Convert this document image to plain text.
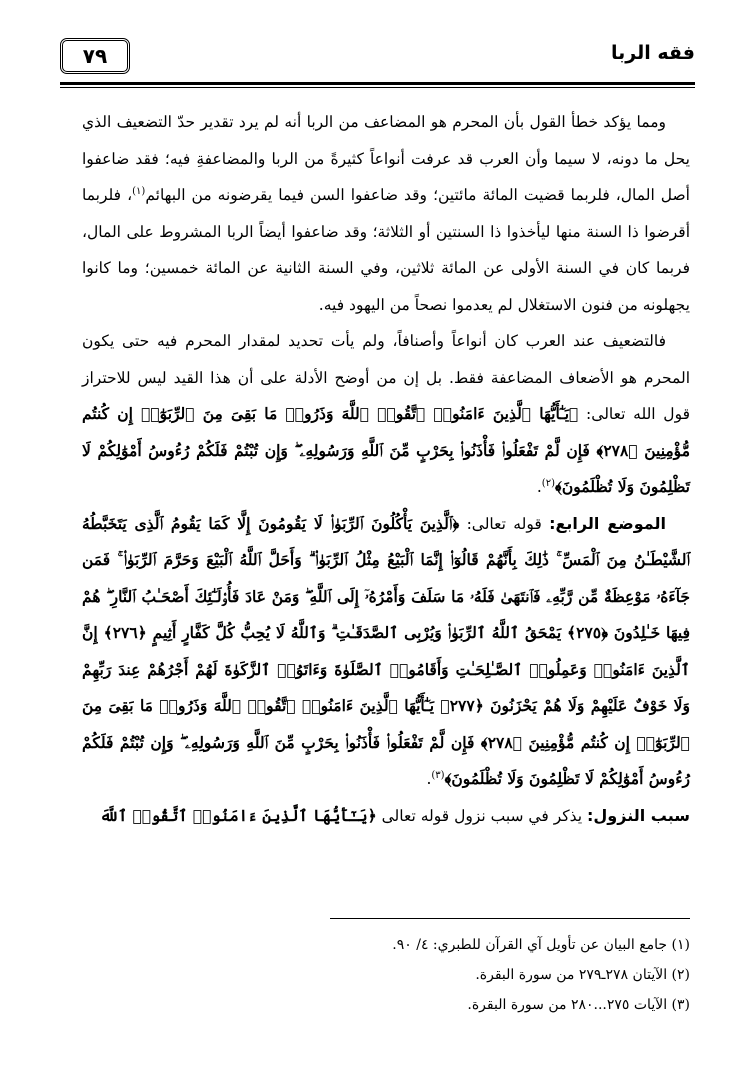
فقه الربا
٧٩

ومما يؤكد خطأ القول بأن المحرم هو المضاعف من الربا أنه لم يرد تقدير حدّ التضعيف الذي يحل ما دونه، لا سيما وأن العرب قد عرفت أنواعاً كثيرةً من الربا والمضاعفةِ فيه؛ فقد ضاعفوا أصل المال، فلربما قضيت المائة مائتين؛ وقد ضاعفوا السن فيما يقرضونه من البهائم$^{(١)}$، فلربما أقرضوا ذا السنة منها ليأخذوا ذا السنتين أو الثلاثة؛ وقد ضاعفوا أيضاً الربا المشروط على المال، فربما كان في السنة الأولى عن المائة ثلاثين، وفي السنة الثانية عن المائة خمسين؛ وما كانوا يجهلونه من فنون الاستغلال لم يعدموا نصحاً من اليهود فيه.

فالتضعيف عند العرب كان أنواعاً وأصنافاً، ولم يأت تحديد لمقدار المحرم فيه حتى يكون المحرم هو الأضعاف المضاعفة فقط. بل إن من أوضح الأدلة على أن هذا القيد ليس للاحتراز قول الله تعالى: ﴿يَـٰٓأَيُّهَا ٱلَّذِينَ ءَامَنُوا۟ ٱتَّقُوا۟ ٱللَّهَ وَذَرُوا۟ مَا بَقِىَ مِنَ ٱلرِّبَوٰٓا۟ إِن كُنتُم مُّؤْمِنِينَ ﴿٢٧٨﴾ فَإِن لَّمْ تَفْعَلُوا۟ فَأْذَنُوا۟ بِحَرْبٍ مِّنَ ٱللَّهِ وَرَسُولِهِۦ ۖ وَإِن تُبْتُمْ فَلَكُمْ رُءُوسُ أَمْوَٰلِكُمْ لَا تَظْلِمُونَ وَلَا تُظْلَمُونَ﴾$^{(٢)}$.

الموضع الرابع: قوله تعالى: ﴿ٱلَّذِينَ يَأْكُلُونَ ٱلرِّبَوٰا۟ لَا يَقُومُونَ إِلَّا كَمَا يَقُومُ ٱلَّذِى يَتَخَبَّطُهُ ٱلشَّيْطَـٰنُ مِنَ ٱلْمَسِّ ۚ ذَٰلِكَ بِأَنَّهُمْ قَالُوٓا۟ إِنَّمَا ٱلْبَيْعُ مِثْلُ ٱلرِّبَوٰا۟ ۗ وَأَحَلَّ ٱللَّهُ ٱلْبَيْعَ وَحَرَّمَ ٱلرِّبَوٰا۟ ۚ فَمَن جَآءَهُۥ مَوْعِظَةٌ مِّن رَّبِّهِۦ فَٱنتَهَىٰ فَلَهُۥ مَا سَلَفَ وَأَمْرُهُۥٓ إِلَى ٱللَّهِ ۖ وَمَنْ عَادَ فَأُو۟لَـٰٓئِكَ أَصْحَـٰبُ ٱلنَّارِ ۖ هُمْ فِيهَا خَـٰلِدُونَ ﴿٢٧٥﴾ يَمْحَقُ ٱللَّهُ ٱلرِّبَوٰا۟ وَيُرْبِى ٱلصَّدَقَـٰتِ ۗ وَٱللَّهُ لَا يُحِبُّ كُلَّ كَفَّارٍ أَثِيمٍ ﴿٢٧٦﴾ إِنَّ ٱلَّذِينَ ءَامَنُوا۟ وَعَمِلُوا۟ ٱلصَّـٰلِحَـٰتِ وَأَقَامُوا۟ ٱلصَّلَوٰةَ وَءَاتَوُا۟ ٱلزَّكَوٰةَ لَهُمْ أَجْرُهُمْ عِندَ رَبِّهِمْ وَلَا خَوْفٌ عَلَيْهِمْ وَلَا هُمْ يَحْزَنُونَ ﴿٢٧٧﴾ يَـٰٓأَيُّهَا ٱلَّذِينَ ءَامَنُوا۟ ٱتَّقُوا۟ ٱللَّهَ وَذَرُوا۟ مَا بَقِىَ مِنَ ٱلرِّبَوٰٓا۟ إِن كُنتُم مُّؤْمِنِينَ ﴿٢٧٨﴾ فَإِن لَّمْ تَفْعَلُوا۟ فَأْذَنُوا۟ بِحَرْبٍ مِّنَ ٱللَّهِ وَرَسُولِهِۦ ۖ وَإِن تُبْتُمْ فَلَكُمْ رُءُوسُ أَمْوَٰلِكُمْ لَا تَظْلِمُونَ وَلَا تُظْلَمُونَ﴾$^{(٣)}$.

سبب النزول: يذكر في سبب نزول قوله تعالى ﴿يَـٰٓأَيُّهَا ٱلَّذِينَ ءَامَنُوا۟ ٱتَّقُوا۟ ٱللَّهَ

(١) جامع البيان عن تأويل آي القرآن للطبري: ٤/ ٩٠.
(٢) الآيتان ٢٧٨ـ٢٧٩ من سورة البقرة.
(٣) الآيات ٢٧٥...٢٨٠ من سورة البقرة.
